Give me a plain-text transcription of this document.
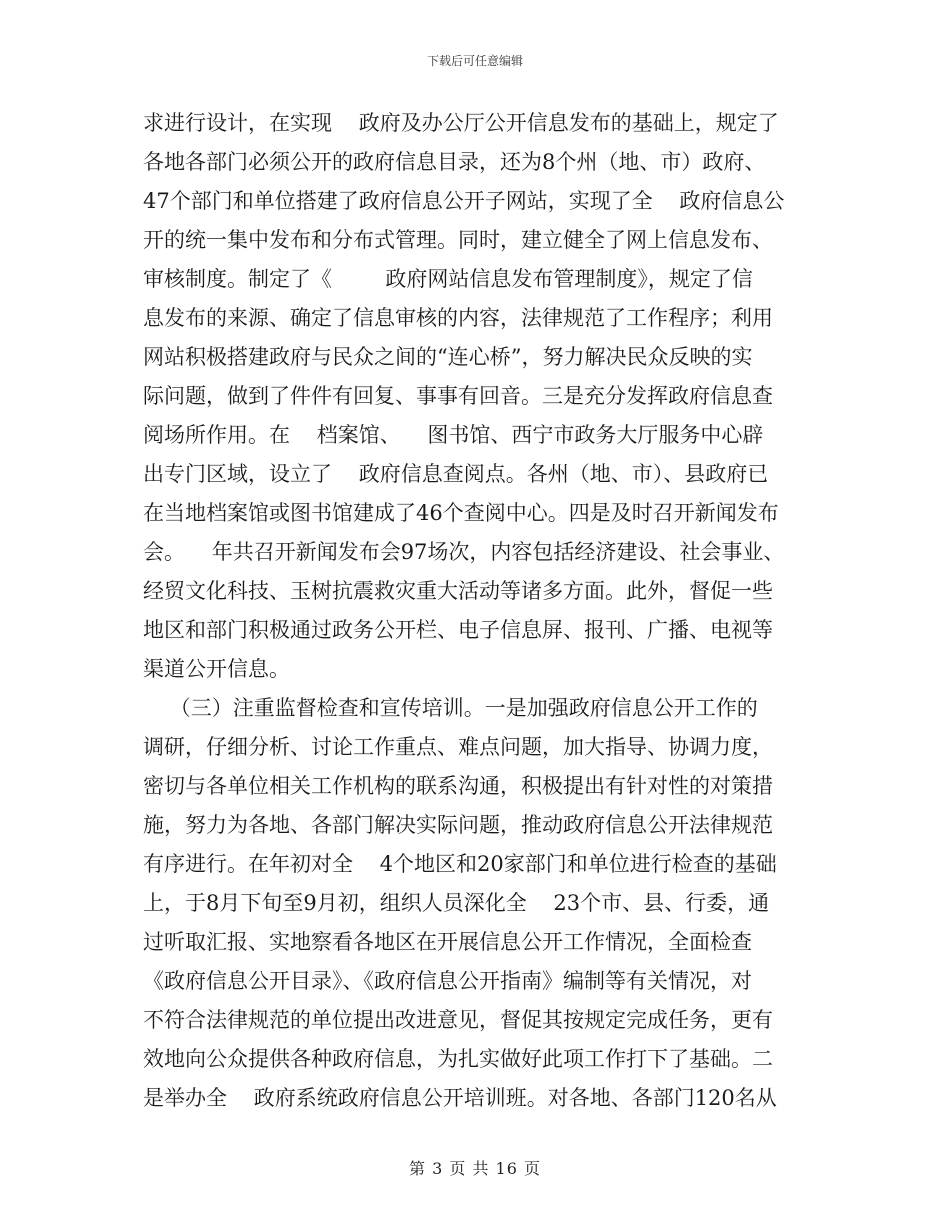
下载后可任意编辑
求进行设计，在实现    政府及办公厅公开信息发布的基础上，规定了
各地各部门必须公开的政府信息目录，还为8个州（地、市）政府、
47个部门和单位搭建了政府信息公开子网站，实现了全    政府信息公
开的统一集中发布和分布式管理。同时，建立健全了网上信息发布、
审核制度。制定了《        政府网站信息发布管理制度》，规定了信
息发布的来源、确定了信息审核的内容，法律规范了工作程序；利用
网站积极搭建政府与民众之间的“连心桥”，努力解决民众反映的实
际问题，做到了件件有回复、事事有回音。三是充分发挥政府信息查
阅场所作用。在    档案馆、    图书馆、西宁市政务大厅服务中心辟
出专门区域，设立了    政府信息查阅点。各州（地、市）、县政府已
在当地档案馆或图书馆建成了46个查阅中心。四是及时召开新闻发布
会。    年共召开新闻发布会97场次，内容包括经济建设、社会事业、
经贸文化科技、玉树抗震救灾重大活动等诸多方面。此外，督促一些
地区和部门积极通过政务公开栏、电子信息屏、报刊、广播、电视等
渠道公开信息。
（三）注重监督检查和宣传培训。一是加强政府信息公开工作的
调研，仔细分析、讨论工作重点、难点问题，加大指导、协调力度，
密切与各单位相关工作机构的联系沟通，积极提出有针对性的对策措
施，努力为各地、各部门解决实际问题，推动政府信息公开法律规范
有序进行。在年初对全    4个地区和20家部门和单位进行检查的基础
上，于8月下旬至9月初，组织人员深化全    23个市、县、行委，通
过听取汇报、实地察看各地区在开展信息公开工作情况，全面检查
《政府信息公开目录》、《政府信息公开指南》编制等有关情况，对
不符合法律规范的单位提出改进意见，督促其按规定完成任务，更有
效地向公众提供各种政府信息，为扎实做好此项工作打下了基础。二
是举办全    政府系统政府信息公开培训班。对各地、各部门120名从
第 3 页 共 16 页
